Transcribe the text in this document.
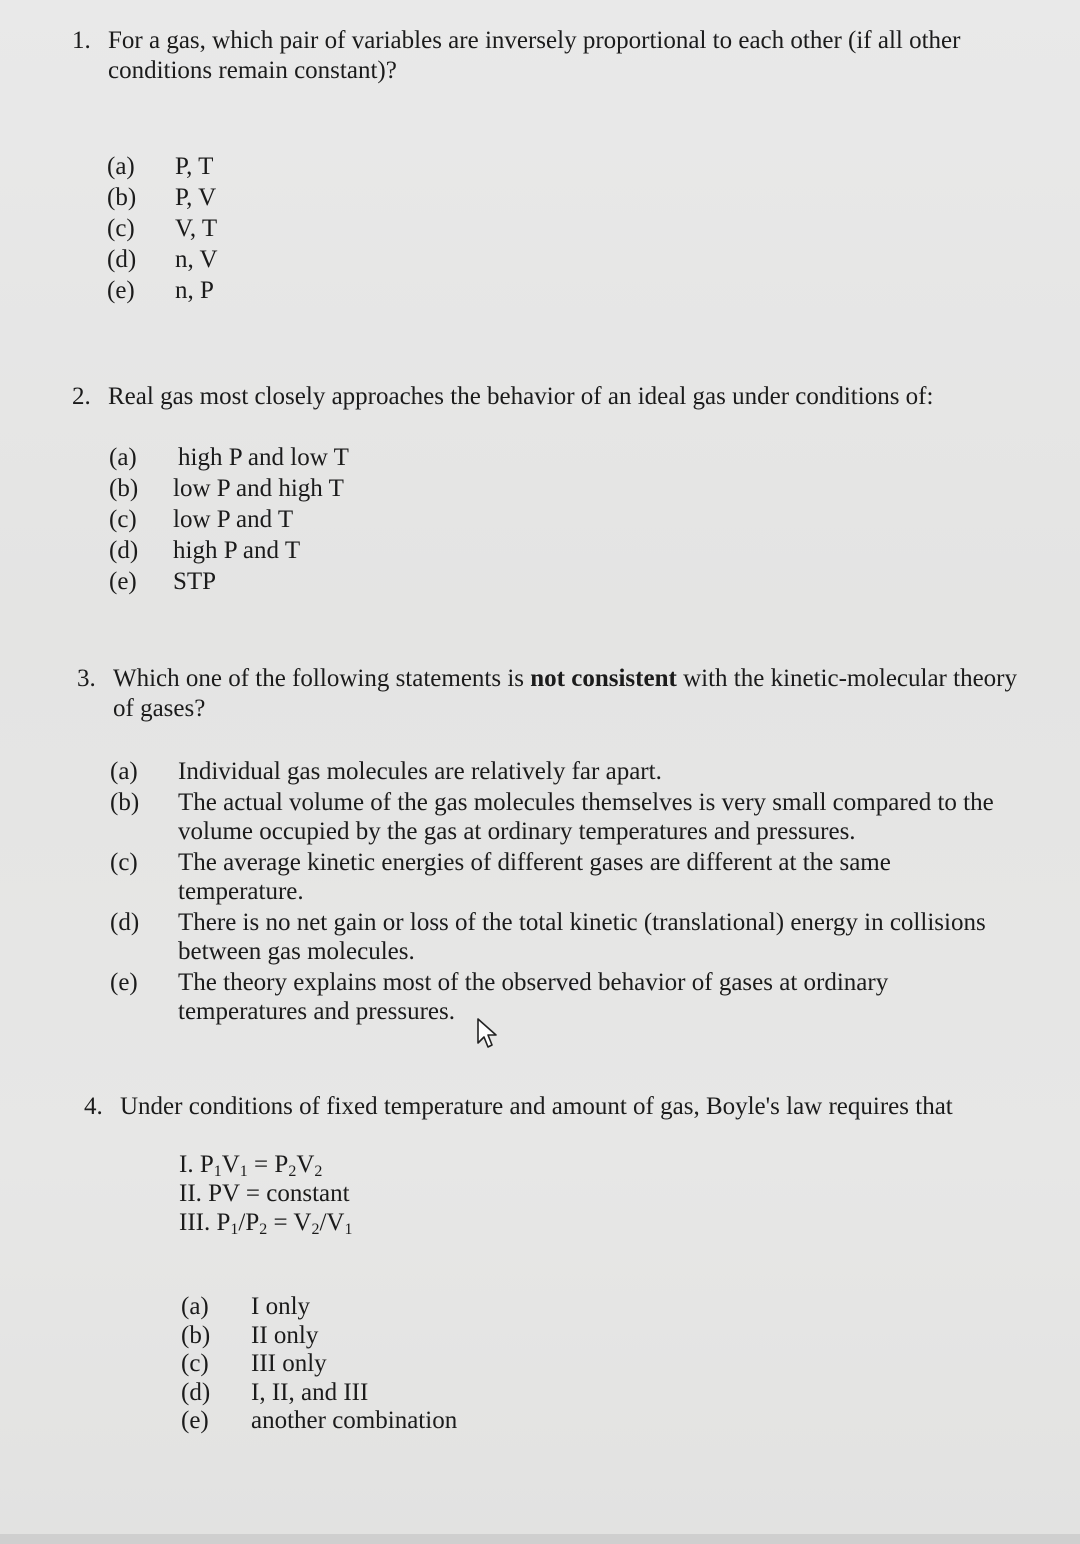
1. For a gas, which pair of variables are inversely proportional to each other (if all other conditions remain constant)?
(a) P, T
(b) P, V
(c) V, T
(d) n, V
(e) n, P
2. Real gas most closely approaches the behavior of an ideal gas under conditions of:
(a) high P and low T
(b) low P and high T
(c) low P and T
(d) high P and T
(e) STP
3. Which one of the following statements is not consistent with the kinetic-molecular theory of gases?
(a) Individual gas molecules are relatively far apart.
(b) The actual volume of the gas molecules themselves is very small compared to the volume occupied by the gas at ordinary temperatures and pressures.
(c) The average kinetic energies of different gases are different at the same temperature.
(d) There is no net gain or loss of the total kinetic (translational) energy in collisions between gas molecules.
(e) The theory explains most of the observed behavior of gases at ordinary temperatures and pressures.
4. Under conditions of fixed temperature and amount of gas, Boyle's law requires that
I. $P_1V_1 = P_2V_2$
II. PV = constant
III. $P_1/P_2 = V_2/V_1$
(a) I only
(b) II only
(c) III only
(d) I, II, and III
(e) another combination
